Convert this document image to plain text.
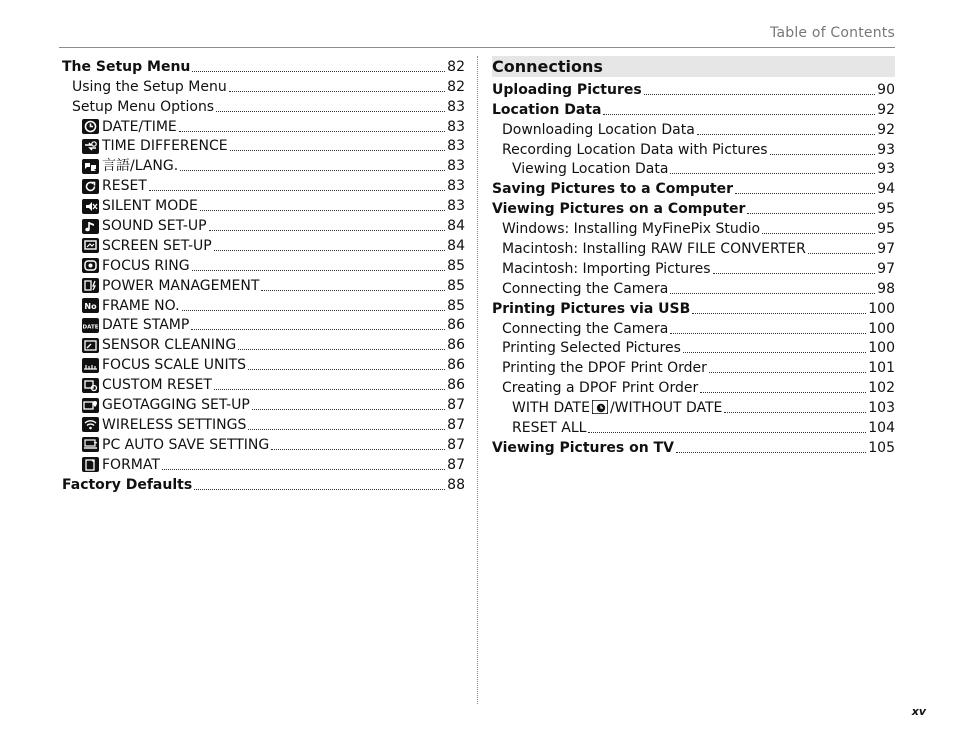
Table of Contents
The Setup Menu	82
Using the Setup Menu	82
Setup Menu Options	83
DATE/TIME	83
TIME DIFFERENCE	83
言語/LANG.	83
RESET	83
SILENT MODE	83
SOUND SET-UP	84
SCREEN SET-UP	84
FOCUS RING	85
POWER MANAGEMENT	85
No FRAME NO.	85
DATE DATE STAMP	86
SENSOR CLEANING	86
FOCUS SCALE UNITS	86
CUSTOM RESET	86
GEOTAGGING SET-UP	87
WIRELESS SETTINGS	87
PC AUTO SAVE SETTING	87
FORMAT	87
Factory Defaults	88
Connections
Uploading Pictures	90
Location Data	92
Downloading Location Data	92
Recording Location Data with Pictures	93
Viewing Location Data	93
Saving Pictures to a Computer	94
Viewing Pictures on a Computer	95
Windows: Installing MyFinePix Studio	95
Macintosh: Installing RAW FILE CONVERTER	97
Macintosh: Importing Pictures	97
Connecting the Camera	98
Printing Pictures via USB	100
Connecting the Camera	100
Printing Selected Pictures	100
Printing the DPOF Print Order	101
Creating a DPOF Print Order	102
WITH DATE /WITHOUT DATE	103
RESET ALL	104
Viewing Pictures on TV	105
xv
